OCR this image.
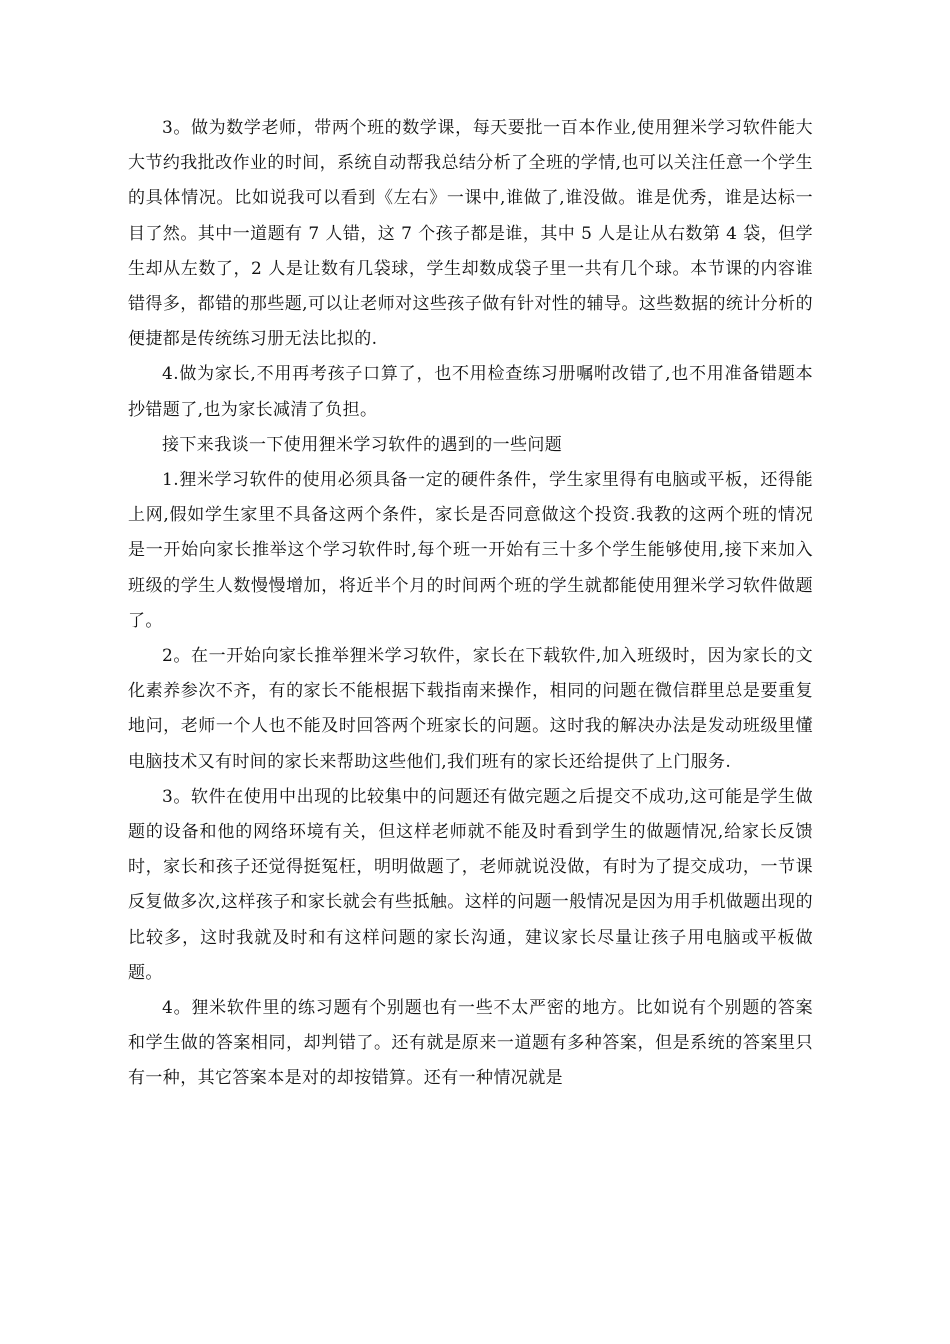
3。做为数学老师，带两个班的数学课，每天要批一百本作业,使用狸米学习软件能大大节约我批改作业的时间，系统自动帮我总结分析了全班的学情,也可以关注任意一个学生的具体情况。比如说我可以看到《左右》一课中,谁做了,谁没做。谁是优秀，谁是达标一目了然。其中一道题有 7 人错，这 7 个孩子都是谁，其中 5 人是让从右数第 4 袋，但学生却从左数了，2 人是让数有几袋球，学生却数成袋子里一共有几个球。本节课的内容谁错得多，都错的那些题,可以让老师对这些孩子做有针对性的辅导。这些数据的统计分析的便捷都是传统练习册无法比拟的.

4.做为家长,不用再考孩子口算了，也不用检查练习册嘱咐改错了,也不用准备错题本抄错题了,也为家长减清了负担。

接下来我谈一下使用狸米学习软件的遇到的一些问题

1.狸米学习软件的使用必须具备一定的硬件条件，学生家里得有电脑或平板，还得能上网,假如学生家里不具备这两个条件，家长是否同意做这个投资.我教的这两个班的情况是一开始向家长推举这个学习软件时,每个班一开始有三十多个学生能够使用,接下来加入班级的学生人数慢慢增加，将近半个月的时间两个班的学生就都能使用狸米学习软件做题了。

2。在一开始向家长推举狸米学习软件，家长在下载软件,加入班级时，因为家长的文化素养参次不齐，有的家长不能根据下载指南来操作，相同的问题在微信群里总是要重复地问，老师一个人也不能及时回答两个班家长的问题。这时我的解决办法是发动班级里懂电脑技术又有时间的家长来帮助这些他们,我们班有的家长还给提供了上门服务.

3。软件在使用中出现的比较集中的问题还有做完题之后提交不成功,这可能是学生做题的设备和他的网络环境有关，但这样老师就不能及时看到学生的做题情况,给家长反馈时，家长和孩子还觉得挺冤枉，明明做题了，老师就说没做，有时为了提交成功，一节课反复做多次,这样孩子和家长就会有些抵触。这样的问题一般情况是因为用手机做题出现的比较多，这时我就及时和有这样问题的家长沟通，建议家长尽量让孩子用电脑或平板做题。

4。狸米软件里的练习题有个别题也有一些不太严密的地方。比如说有个别题的答案和学生做的答案相同，却判错了。还有就是原来一道题有多种答案，但是系统的答案里只有一种，其它答案本是对的却按错算。还有一种情况就是
